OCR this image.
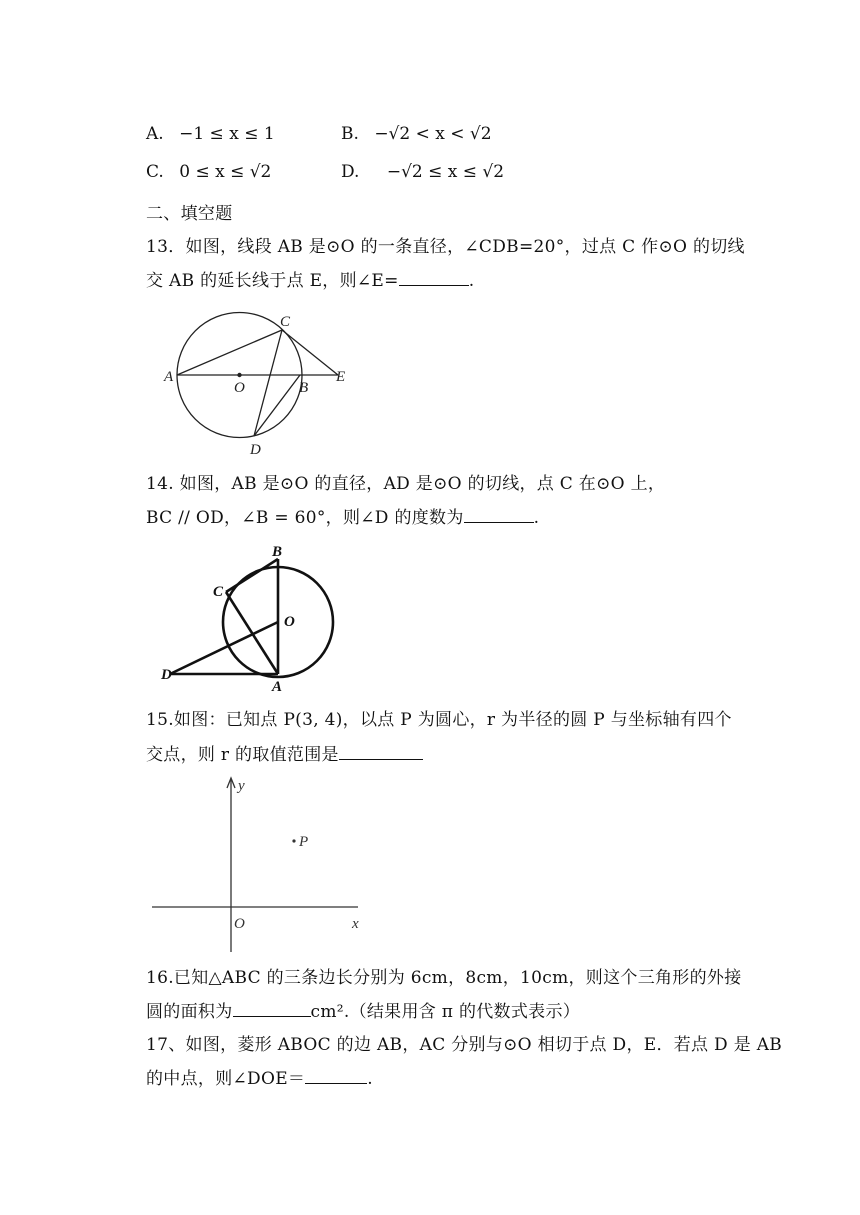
A. −1 ≤ x ≤ 1	B. −√2 < x < √2
C. 0 ≤ x ≤ √2	D. −√2 ≤ x ≤ √2
二、填空题
13．如图，线段 AB 是⊙O 的一条直径，∠CDB=20°，过点 C 作⊙O 的切线
交 AB 的延长线于点 E，则∠E=	.
A
O	B
E
C
D
14. 如图，AB 是⊙O 的直径，AD 是⊙O 的切线，点 C 在⊙O 上，
BC // OD，∠B = 60°，则∠D 的度数为	.
B
C
O
D
A
15.如图：已知点 P(3, 4)，以点 P 为圆心，r 为半径的圆 P 与坐标轴有四个
交点，则 r 的取值范围是
y
P
O	x
16.已知△ABC 的三条边长分别为 6cm，8cm，10cm，则这个三角形的外接
圆的面积为	cm².（结果用含 π 的代数式表示）
17、如图，菱形 ABOC 的边 AB，AC 分别与⊙O 相切于点 D，E．若点 D 是 AB
的中点，则∠DOE＝	.
